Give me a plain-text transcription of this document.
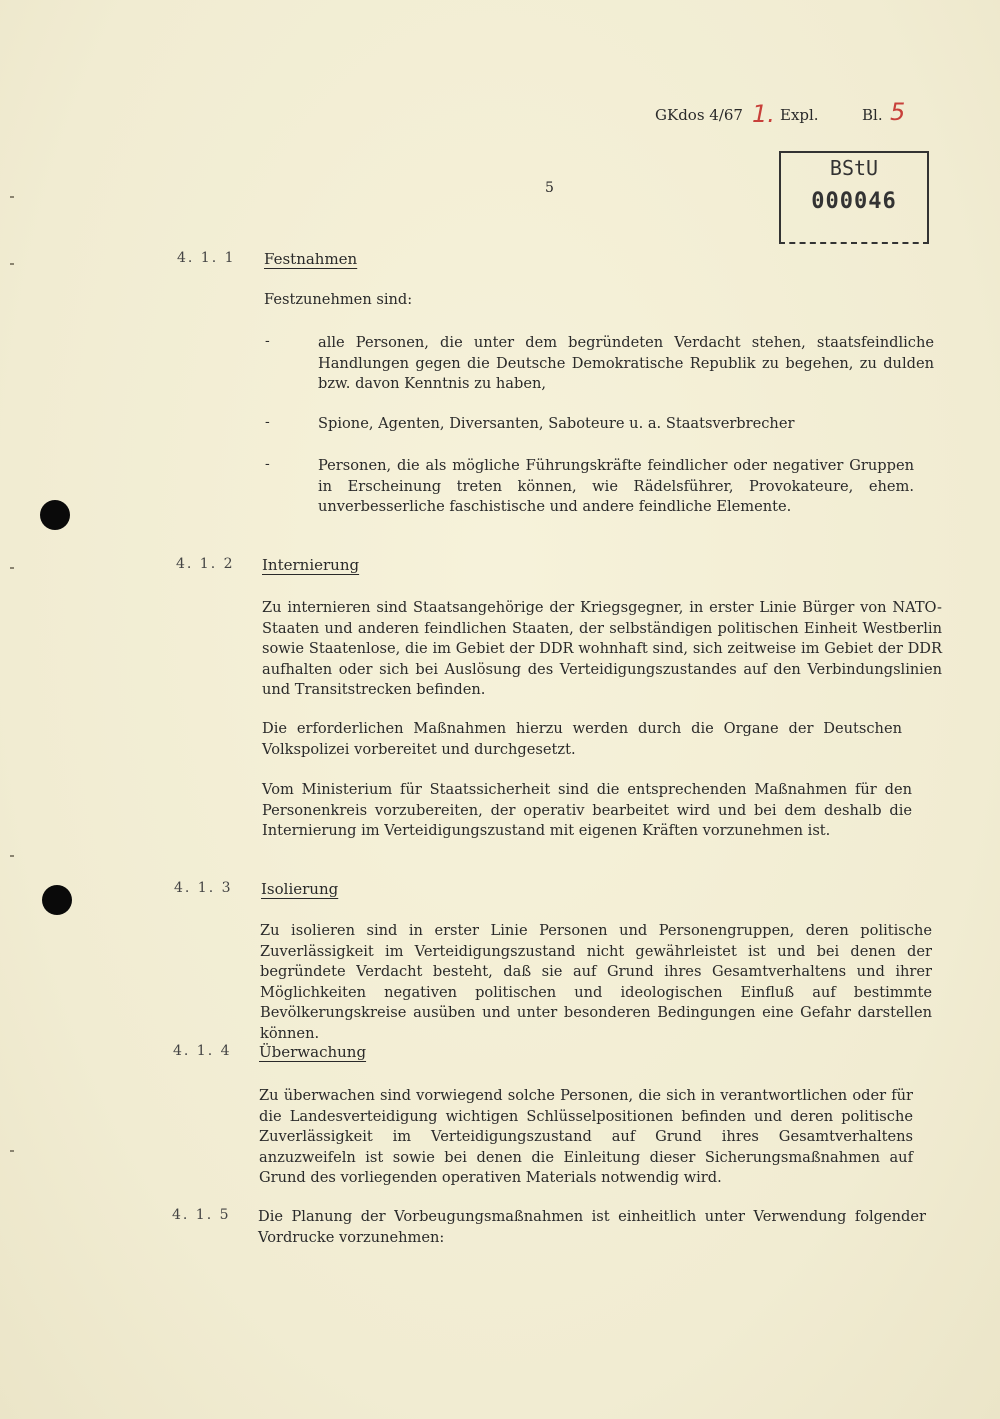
GKdos 4/67 1. Expl.	Bl. 5
BStU
000046
5
4. 1. 1 Festnahmen
Festzunehmen sind:
-	alle Personen, die unter dem begründeten Verdacht stehen, staatsfeindliche Handlungen gegen die Deutsche Demokratische Republik zu begehen, zu dulden bzw. davon Kenntnis zu haben,
-	Spione, Agenten, Diversanten, Saboteure u. a. Staatsverbrecher
-	Personen, die als mögliche Führungskräfte feindlicher oder negativer Gruppen in Erscheinung treten können, wie Rädelsführer, Provokateure, ehem. unverbesserliche faschistische und andere feindliche Elemente.
4. 1. 2 Internierung
Zu internieren sind Staatsangehörige der Kriegsgegner, in erster Linie Bürger von NATO-Staaten und anderen feindlichen Staaten, der selbständigen politischen Einheit Westberlin sowie Staatenlose, die im Gebiet der DDR wohnhaft sind, sich zeitweise im Gebiet der DDR aufhalten oder sich bei Auslösung des Verteidigungszustandes auf den Verbindungslinien und Transitstrecken befinden.
Die erforderlichen Maßnahmen hierzu werden durch die Organe der Deutschen Volkspolizei vorbereitet und durchgesetzt.
Vom Ministerium für Staatssicherheit sind die entsprechenden Maßnahmen für den Personenkreis vorzubereiten, der operativ bearbeitet wird und bei dem deshalb die Internierung im Verteidigungszustand mit eigenen Kräften vorzunehmen ist.
4. 1. 3 Isolierung
Zu isolieren sind in erster Linie Personen und Personengruppen, deren politische Zuverlässigkeit im Verteidigungszustand nicht gewährleistet ist und bei denen der begründete Verdacht besteht, daß sie auf Grund ihres Gesamtverhaltens und ihrer Möglichkeiten negativen politischen und ideologischen Einfluß auf bestimmte Bevölkerungskreise ausüben und unter besonderen Bedingungen eine Gefahr darstellen können.
4. 1. 4 Überwachung
Zu überwachen sind vorwiegend solche Personen, die sich in verantwortlichen oder für die Landesverteidigung wichtigen Schlüsselpositionen befinden und deren politische Zuverlässigkeit im Verteidigungszustand auf Grund ihres Gesamtverhaltens anzuzweifeln ist sowie bei denen die Einleitung dieser Sicherungsmaßnahmen auf Grund des vorliegenden operativen Materials notwendig wird.
4. 1. 5 Die Planung der Vorbeugungsmaßnahmen ist einheitlich unter Verwendung folgender Vordrucke vorzunehmen:
